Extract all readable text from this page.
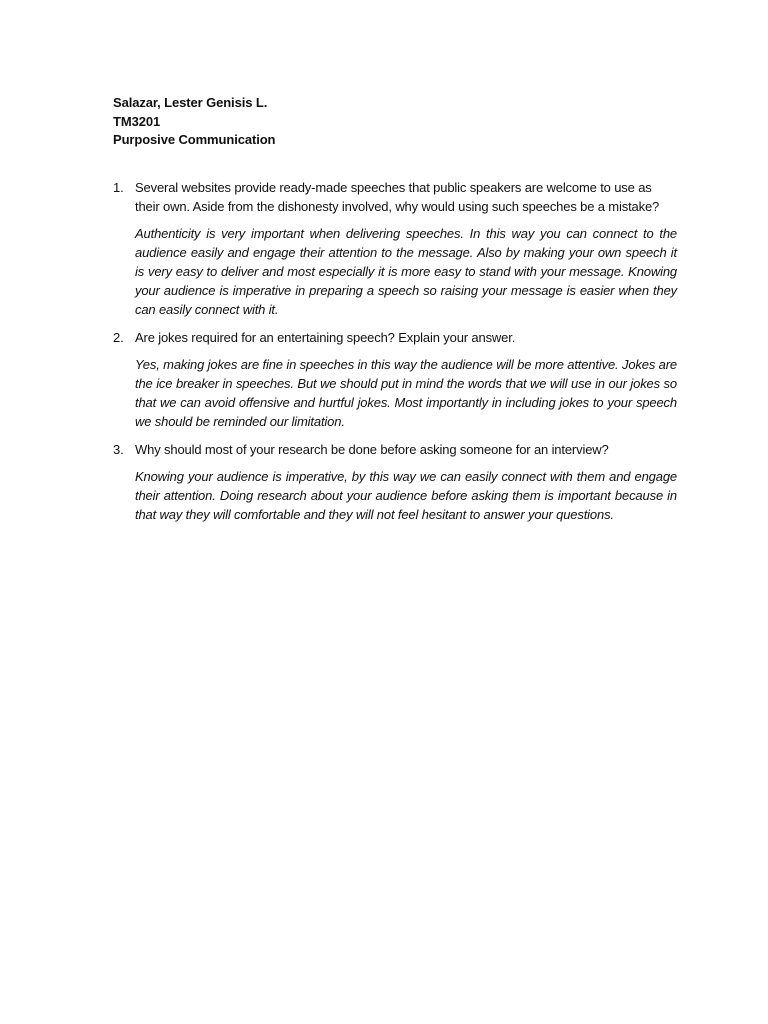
Salazar, Lester Genisis L.
TM3201
Purposive Communication
1. Several websites provide ready-made speeches that public speakers are welcome to use as their own. Aside from the dishonesty involved, why would using such speeches be a mistake?
Authenticity is very important when delivering speeches. In this way you can connect to the audience easily and engage their attention to the message. Also by making your own speech it is very easy to deliver and most especially it is more easy to stand with your message. Knowing your audience is imperative in preparing a speech so raising your message is easier when they can easily connect with it.
2. Are jokes required for an entertaining speech? Explain your answer.
Yes, making jokes are fine in speeches in this way the audience will be more attentive. Jokes are the ice breaker in speeches. But we should put in mind the words that we will use in our jokes so that we can avoid offensive and hurtful jokes. Most importantly in including jokes to your speech we should be reminded our limitation.
3. Why should most of your research be done before asking someone for an interview?
Knowing your audience is imperative, by this way we can easily connect with them and engage their attention. Doing research about your audience before asking them is important because in that way they will comfortable and they will not feel hesitant to answer your questions.
